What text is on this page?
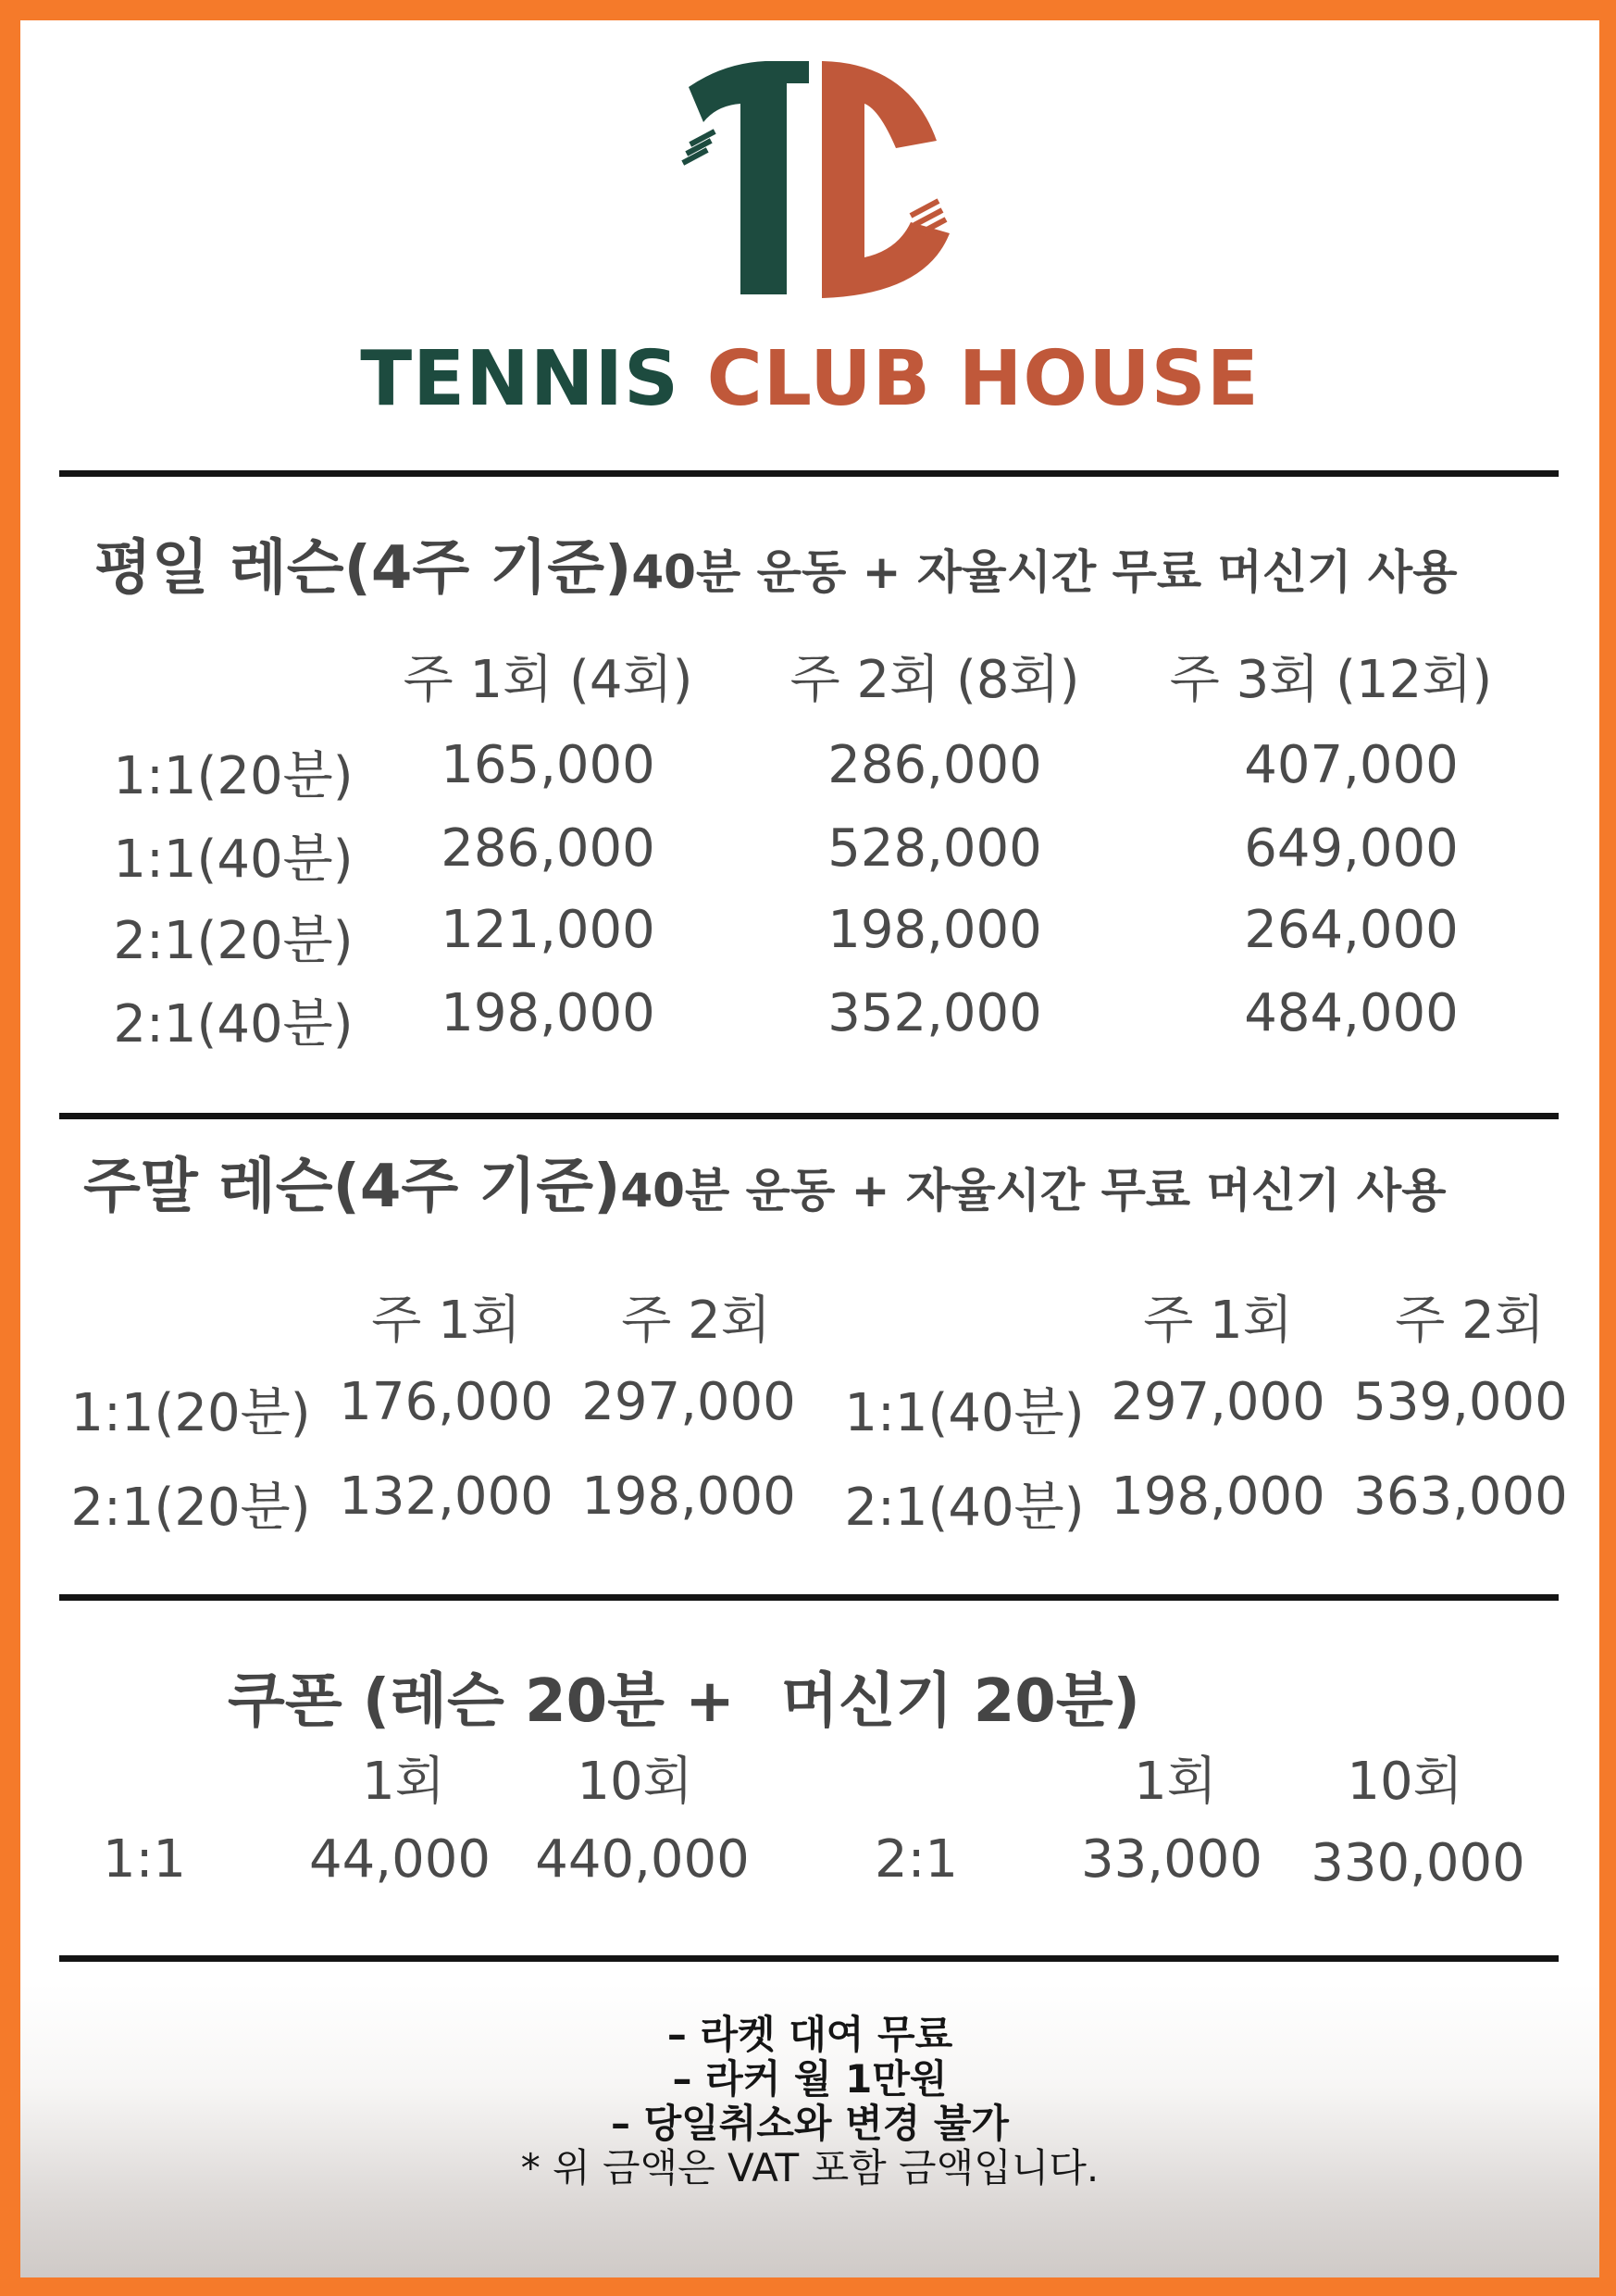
TENNIS CLUB HOUSE
평일 레슨(4주 기준)40분 운동 + 자율시간 무료 머신기 사용
주 1회 (4회) 주 2회 (8회) 주 3회 (12회)
1:1(20분) 165,000	286,000	407,000
1:1(40분) 286,000	528,000	649,000
2:1(20분) 121,000	198,000	264,000
2:1(40분) 198,000	352,000	484,000
주말 레슨(4주 기준)40분 운동 + 자율시간 무료 머신기 사용
주 1회 주 2회
1:1(20분) 176,000 297,000
2:1(20분) 132,000 198,000
주 1회 주 2회
1:1(40분) 297,000 539,000
2:1(40분) 198,000 363,000
쿠폰 (레슨 20분 + 머신기 20분)
1회	10회	1회	10회
1:1 44,000 440,000 2:1 33,000 330,000
– 라켓 대여 무료
– 라커 월 1만원
– 당일취소와 변경 불가
* 위 금액은 VAT 포함 금액입니다.
